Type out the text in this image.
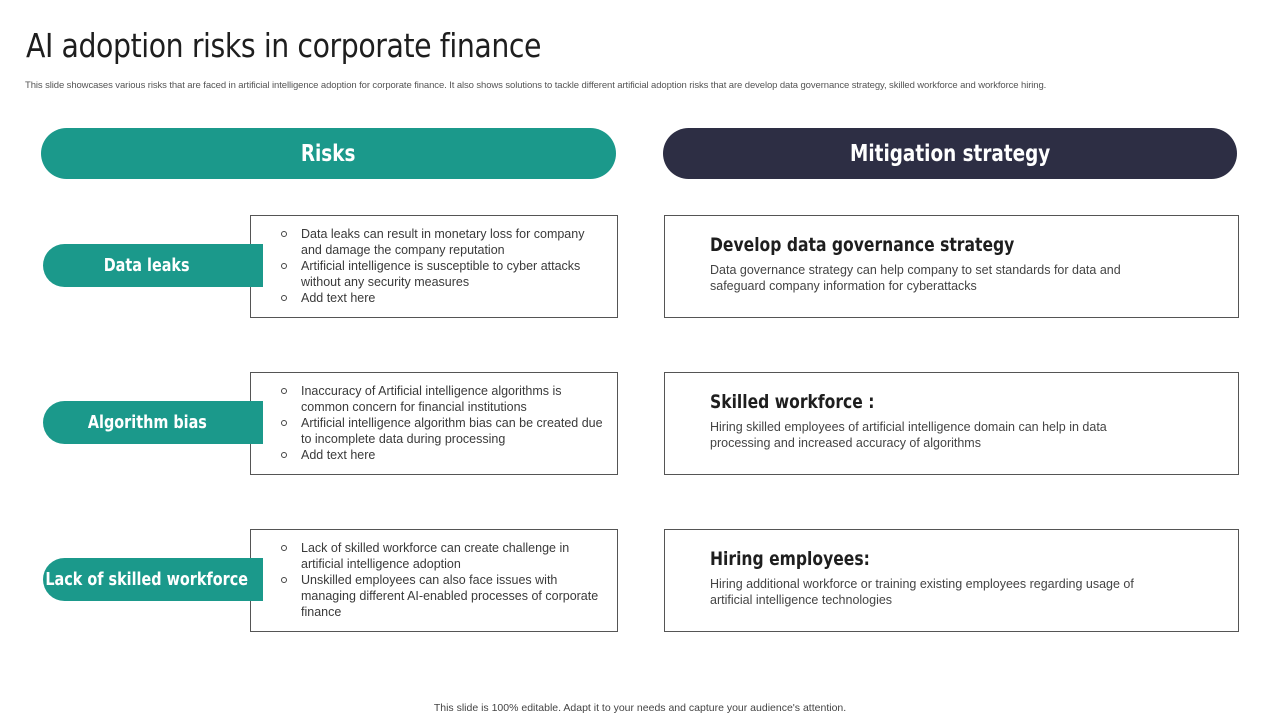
AI adoption risks in corporate finance

This slide showcases various risks that are faced in artificial intelligence adoption for corporate finance. It also shows solutions to tackle different artificial adoption risks that are develop data governance strategy, skilled workforce and workforce hiring.

Risks	Mitigation strategy
Data leaks can result in monetary loss for company and damage the company reputation
Artificial intelligence is susceptible to cyber attacks without any security measures
Add text here
Data leaks
Develop data governance strategy

Data governance strategy can help company to set standards for data and safeguard company information for cyberattacks

Inaccuracy of Artificial intelligence algorithms is common concern for financial institutions
Artificial intelligence algorithm bias can be created due to incomplete data during processing
Add text here
Algorithm bias
Skilled workforce :

Hiring skilled employees of artificial intelligence domain can help in data processing and increased accuracy of algorithms

Lack of skilled workforce can create challenge in artificial intelligence adoption
Unskilled employees can also face issues with managing different AI-enabled processes of corporate finance
Lack of skilled workforce
Hiring employees:

Hiring additional workforce or training existing employees regarding usage of artificial intelligence technologies

This slide is 100% editable. Adapt it to your needs and capture your audience's attention.
